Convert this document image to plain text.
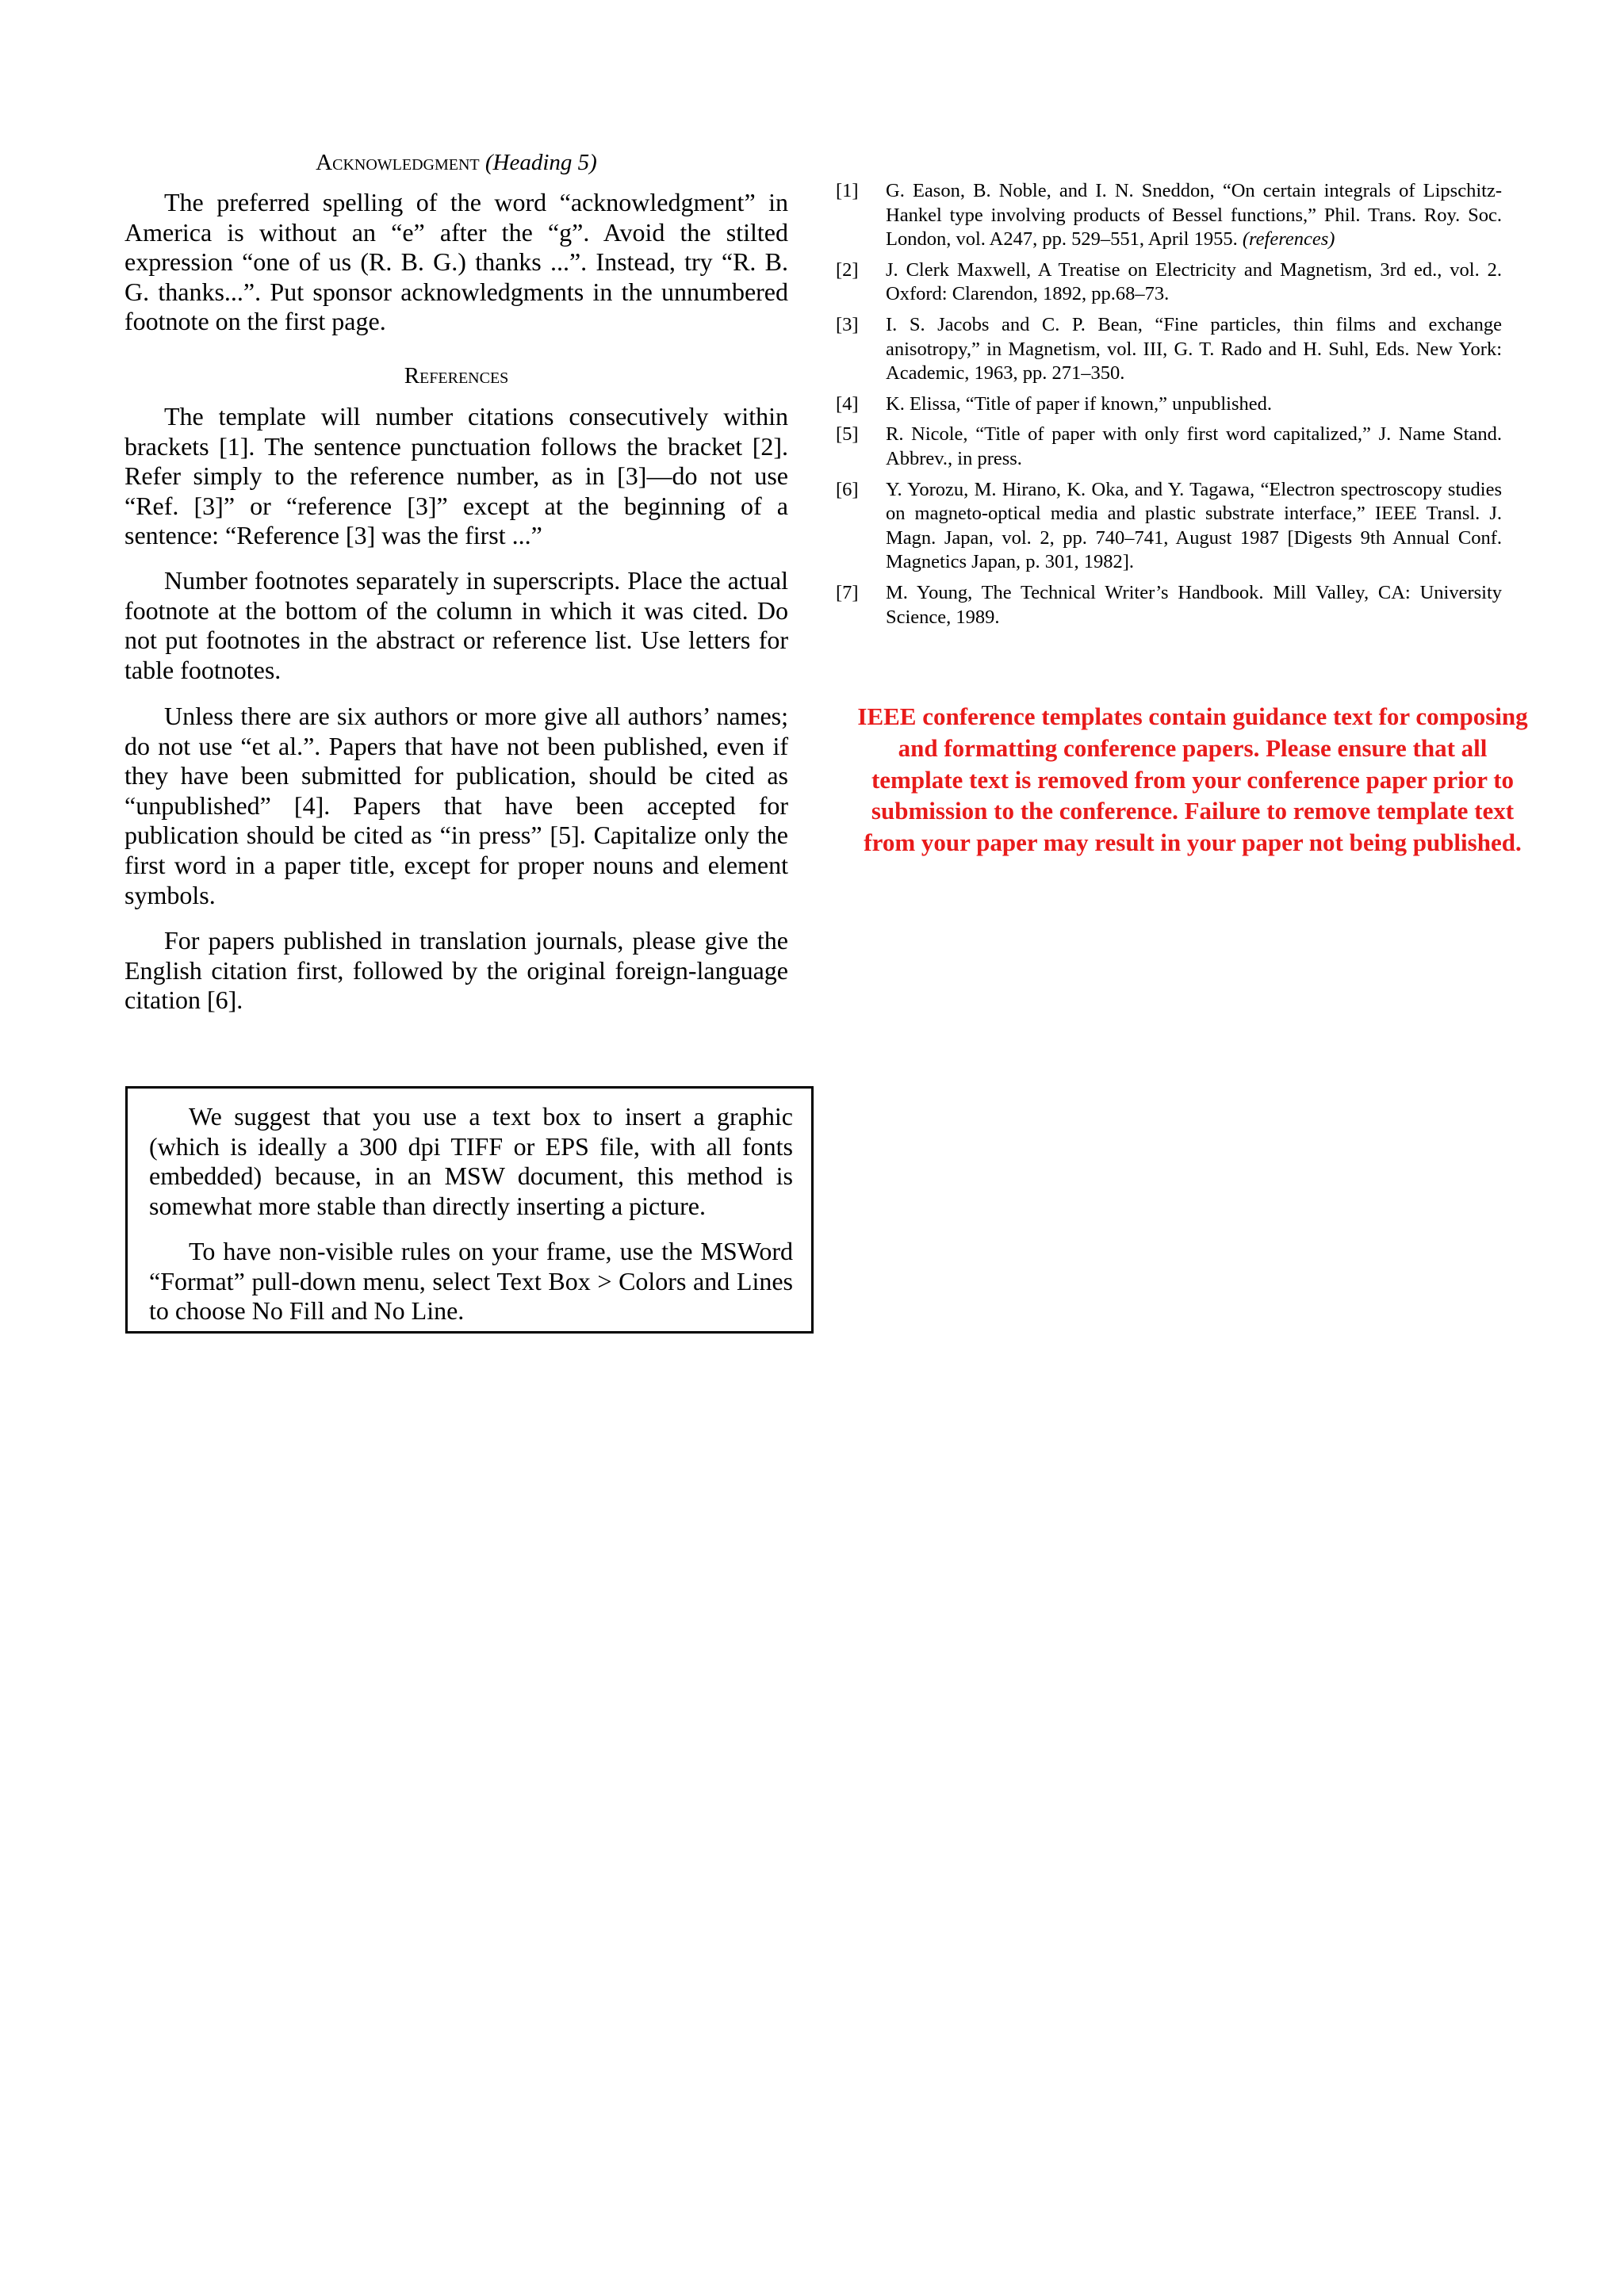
Acknowledgment (Heading 5)

The preferred spelling of the word “acknowledgment” in America is without an “e” after the “g”. Avoid the stilted expression “one of us (R. B. G.) thanks ...”. Instead, try “R. B. G. thanks...”. Put sponsor acknowledgments in the unnumbered footnote on the first page.

References

The template will number citations consecutively within brackets [1]. The sentence punctuation follows the bracket [2]. Refer simply to the reference number, as in [3]—do not use “Ref. [3]” or “reference [3]” except at the beginning of a sentence: “Reference [3] was the first ...”

Number footnotes separately in superscripts. Place the actual footnote at the bottom of the column in which it was cited. Do not put footnotes in the abstract or reference list. Use letters for table footnotes.

Unless there are six authors or more give all authors’ names; do not use “et al.”. Papers that have not been published, even if they have been submitted for publication, should be cited as “unpublished” [4]. Papers that have been accepted for publication should be cited as “in press” [5]. Capitalize only the first word in a paper title, except for proper nouns and element symbols.

For papers published in translation journals, please give the English citation first, followed by the original foreign-language citation [6].

We suggest that you use a text box to insert a graphic (which is ideally a 300 dpi TIFF or EPS file, with all fonts embedded) because, in an MSW document, this method is somewhat more stable than directly inserting a picture.

To have non-visible rules on your frame, use the MSWord “Format” pull-down menu, select Text Box > Colors and Lines to choose No Fill and No Line.

[1] G. Eason, B. Noble, and I. N. Sneddon, “On certain integrals of Lipschitz-Hankel type involving products of Bessel functions,” Phil. Trans. Roy. Soc. London, vol. A247, pp. 529–551, April 1955. (references)
[2] J. Clerk Maxwell, A Treatise on Electricity and Magnetism, 3rd ed., vol. 2. Oxford: Clarendon, 1892, pp.68–73.
[3] I. S. Jacobs and C. P. Bean, “Fine particles, thin films and exchange anisotropy,” in Magnetism, vol. III, G. T. Rado and H. Suhl, Eds. New York: Academic, 1963, pp. 271–350.
[4] K. Elissa, “Title of paper if known,” unpublished.
[5] R. Nicole, “Title of paper with only first word capitalized,” J. Name Stand. Abbrev., in press.
[6] Y. Yorozu, M. Hirano, K. Oka, and Y. Tagawa, “Electron spectroscopy studies on magneto-optical media and plastic substrate interface,” IEEE Transl. J. Magn. Japan, vol. 2, pp. 740–741, August 1987 [Digests 9th Annual Conf. Magnetics Japan, p. 301, 1982].
[7] M. Young, The Technical Writer’s Handbook. Mill Valley, CA: University Science, 1989.
IEEE conference templates contain guidance text for composing and formatting conference papers. Please ensure that all template text is removed from your conference paper prior to submission to the conference. Failure to remove template text from your paper may result in your paper not being published.
